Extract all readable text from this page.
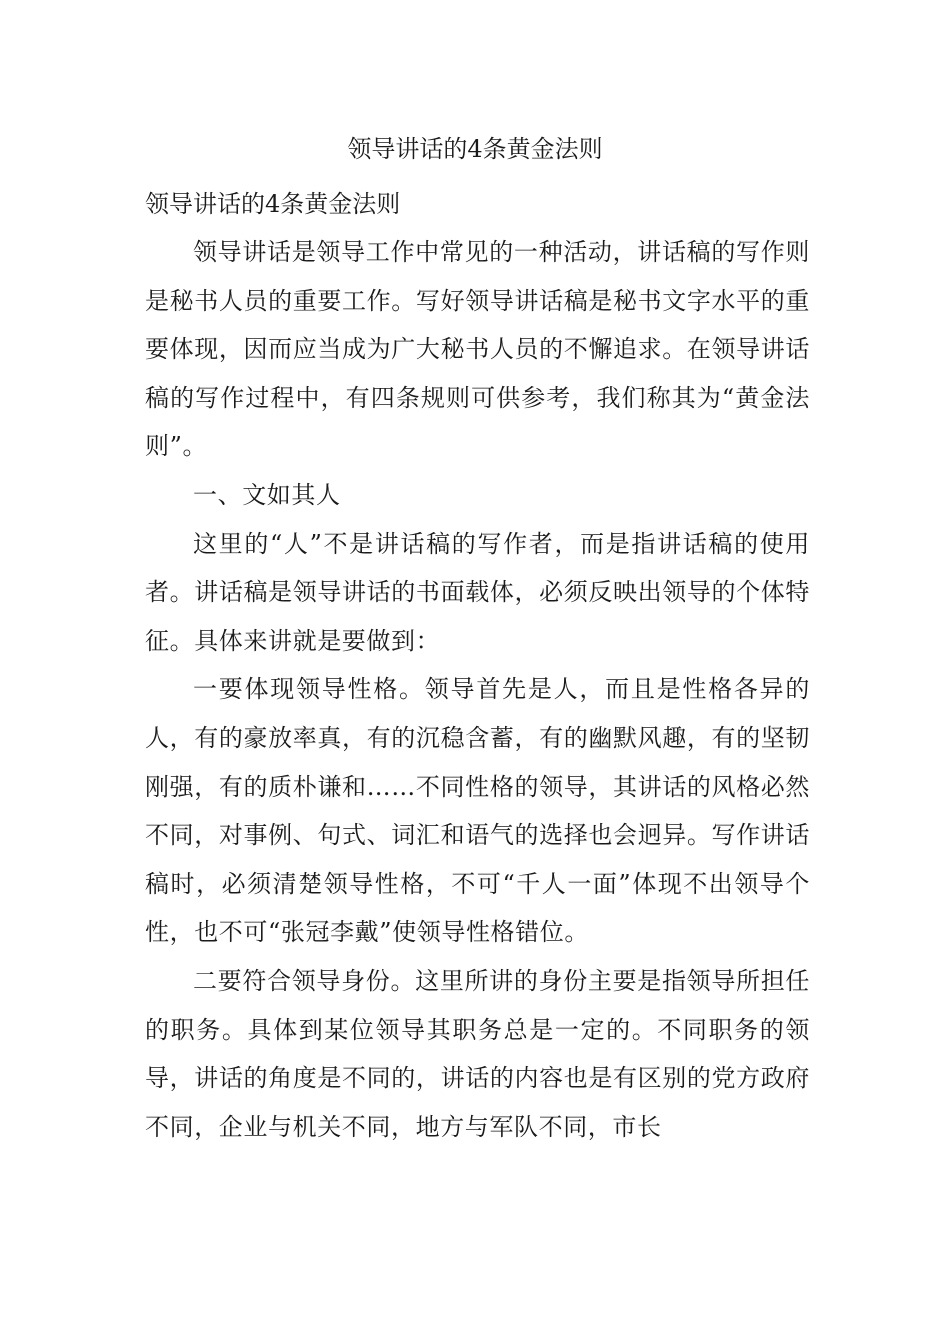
领导讲话的4条黄金法则
领导讲话的4条黄金法则

领导讲话是领导工作中常见的一种活动，讲话稿的写作则是秘书人员的重要工作。写好领导讲话稿是秘书文字水平的重要体现，因而应当成为广大秘书人员的不懈追求。在领导讲话稿的写作过程中，有四条规则可供参考，我们称其为“黄金法则”。

一、文如其人

这里的“人”不是讲话稿的写作者，而是指讲话稿的使用者。讲话稿是领导讲话的书面载体，必须反映出领导的个体特征。具体来讲就是要做到：

一要体现领导性格。领导首先是人，而且是性格各异的人，有的豪放率真，有的沉稳含蓄，有的幽默风趣，有的坚韧刚强，有的质朴谦和……不同性格的领导，其讲话的风格必然不同，对事例、句式、词汇和语气的选择也会迥异。写作讲话稿时，必须清楚领导性格，不可“千人一面”体现不出领导个性，也不可“张冠李戴”使领导性格错位。

二要符合领导身份。这里所讲的身份主要是指领导所担任的职务。具体到某位领导其职务总是一定的。不同职务的领导，讲话的角度是不同的，讲话的内容也是有区别的党方政府不同，企业与机关不同，地方与军队不同，市长
